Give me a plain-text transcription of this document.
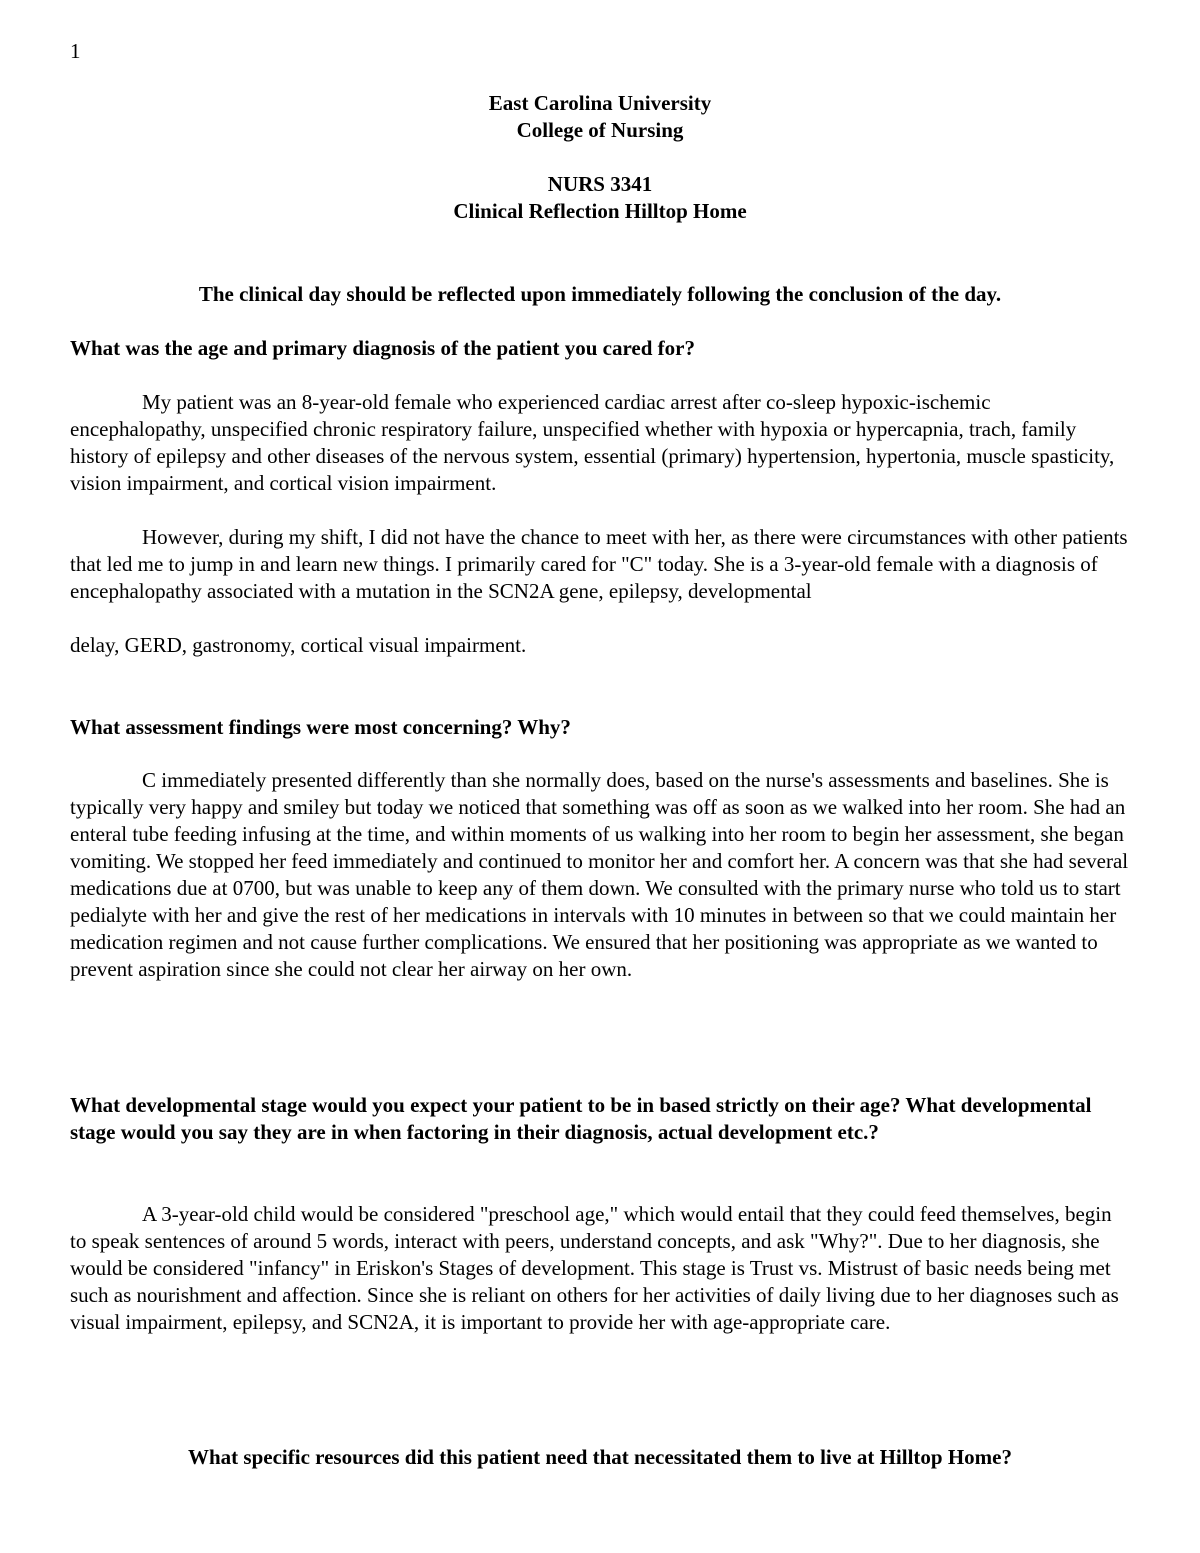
1
East Carolina University
College of Nursing
NURS 3341
Clinical Reflection Hilltop Home
The clinical day should be reflected upon immediately following the conclusion of the day.
What was the age and primary diagnosis of the patient you cared for?

My patient was an 8-year-old female who experienced cardiac arrest after co-sleep hypoxic-ischemic encephalopathy, unspecified chronic respiratory failure, unspecified whether with hypoxia or hypercapnia, trach, family history of epilepsy and other diseases of the nervous system, essential (primary) hypertension, hypertonia, muscle spasticity, vision impairment, and cortical vision impairment.

However, during my shift, I did not have the chance to meet with her, as there were circumstances with other patients that led me to jump in and learn new things. I primarily cared for "C" today. She is a 3-year-old female with a diagnosis of encephalopathy associated with a mutation in the SCN2A gene, epilepsy, developmental

delay, GERD, gastronomy, cortical visual impairment.
What assessment findings were most concerning? Why?

C immediately presented differently than she normally does, based on the nurse's assessments and baselines. She is typically very happy and smiley but today we noticed that something was off as soon as we walked into her room. She had an enteral tube feeding infusing at the time, and within moments of us walking into her room to begin her assessment, she began vomiting. We stopped her feed immediately and continued to monitor her and comfort her. A concern was that she had several medications due at 0700, but was unable to keep any of them down. We consulted with the primary nurse who told us to start pedialyte with her and give the rest of her medications in intervals with 10 minutes in between so that we could maintain her medication regimen and not cause further complications. We ensured that her positioning was appropriate as we wanted to prevent aspiration since she could not clear her airway on her own.

What developmental stage would you expect your patient to be in based strictly on their age? What developmental stage would you say they are in when factoring in their diagnosis, actual development etc.?

A 3-year-old child would be considered "preschool age," which would entail that they could feed themselves, begin to speak sentences of around 5 words, interact with peers, understand concepts, and ask "Why?". Due to her diagnosis, she would be considered "infancy" in Eriskon's Stages of development. This stage is Trust vs. Mistrust of basic needs being met such as nourishment and affection. Since she is reliant on others for her activities of daily living due to her diagnoses such as visual impairment, epilepsy, and SCN2A, it is important to provide her with age-appropriate care.

What specific resources did this patient need that necessitated them to live at Hilltop Home?
